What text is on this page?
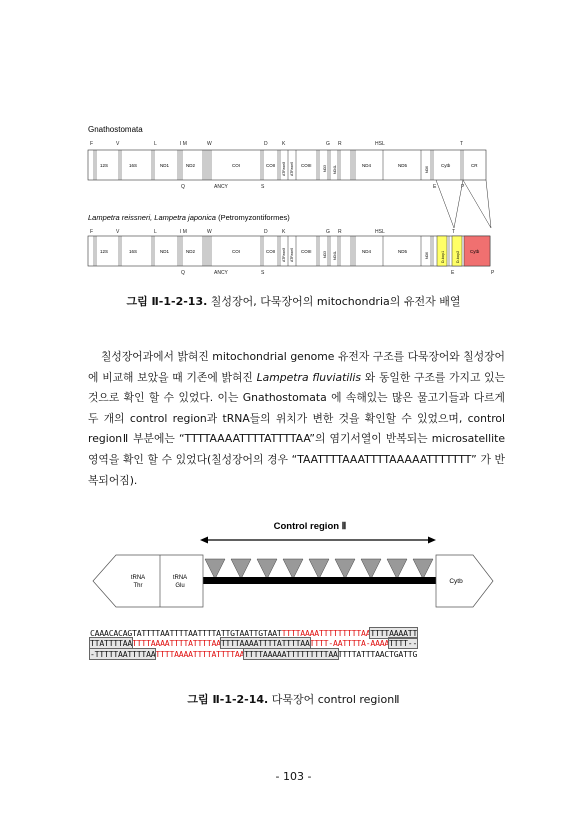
Gnathostomata
F	V	L	I M	W	D	K	G R	HSL	T
12S	16S	ND1	ND2	COI	COII ATPase8 ATPase6 COIII	ND3 ND4L	ND4	ND5
ND6
Cytb	CR
Q	ANCY	S	E	P
Lampetra reissneri, Lampetra japonica (Petromyzontiformes)
F	V	L	I M	W	D	K	G R	HSL	T
12S	16S	ND1	ND2	COI	COII ATPase8 ATPase6 COIII	ND3 ND4L	ND4	ND5
ND6	D-loop1	D-loop2 Cytb
Q	ANCY	S	E	P
그림 Ⅱ-1-2-13. 칠성장어, 다묵장어의 mitochondria의 유전자 배열

칠성장어과에서 밝혀진 mitochondrial genome 유전자 구조를 다묵장어와 칠성장어에 비교해 보았을 때 기존에 밝혀진 Lampetra fluviatilis 와 동일한 구조를 가지고 있는 것으로 확인 할 수 있었다. 이는 Gnathostomata 에 속해있는 많은 물고기들과 다르게 두 개의 control region과 tRNA들의 위치가 변한 것을 확인할 수 있었으며, control regionⅡ 부분에는 “TTTTAAAATTTTATTTTAA”의 염기서열이 반복되는 microsatellite영역을 확인 할 수 있었다(칠성장어의 경우 “TAATTTTAAATTTTAAAAATTTTTTT” 가 반복되어짐).

Control region Ⅱ
tRNA
Thr
tRNA
Glu
Cytb
CAAACACAGTATTTTAATTTTAATTTTATTGTAATTGTAATTTTTAAAATTTTTTTTTAATTTTAAAATT
TTATTTTAATTTTAAAATTTTATTTTAATTTTAAAATTTTATTTTAATTTT-AATTTTA-AAAATTTT--
-TTTTTAATTTTAATTTTAAAATTTTATTTTAATTTTAAAAATTTTTTTTTAATTTTATTTAACTGATTG
그림 Ⅱ-1-2-14. 다묵장어 control regionⅡ
- 103 -
